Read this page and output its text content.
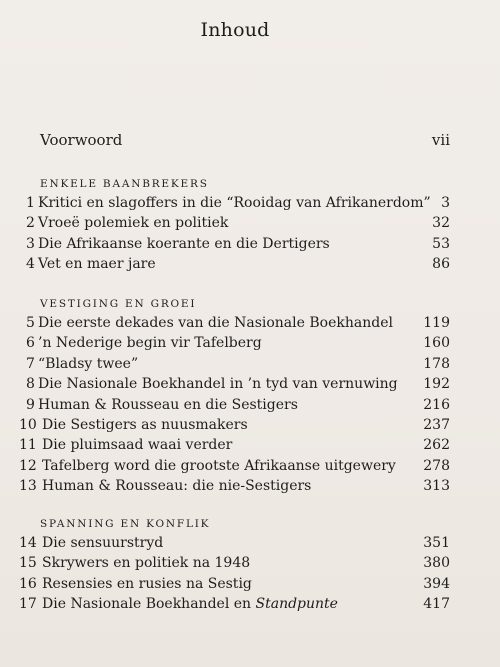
Inhoud
Voorwoord	vii
ENKELE BAANBREKERS
1 Kritici en slagoffers in die “Rooidag van Afrikanerdom” 3
2 Vroeë polemiek en politiek	32
3 Die Afrikaanse koerante en die Dertigers	53
4 Vet en maer jare	86
VESTIGING EN GROEI
5 Die eerste dekades van die Nasionale Boekhandel 119
6 ’n Nederige begin vir Tafelberg	160
7 “Bladsy twee”	178
8 Die Nasionale Boekhandel in ’n tyd van vernuwing 192
9 Human & Rousseau en die Sestigers	216
10 Die Sestigers as nuusmakers	237
11 Die pluimsaad waai verder	262
12 Tafelberg word die grootste Afrikaanse uitgewery 278
13 Human & Rousseau: die nie-Sestigers	313
SPANNING EN KONFLIK
14 Die sensuurstryd	351
15 Skrywers en politiek na 1948	380
16 Resensies en rusies na Sestig	394
17 Die Nasionale Boekhandel en Standpunte	417
